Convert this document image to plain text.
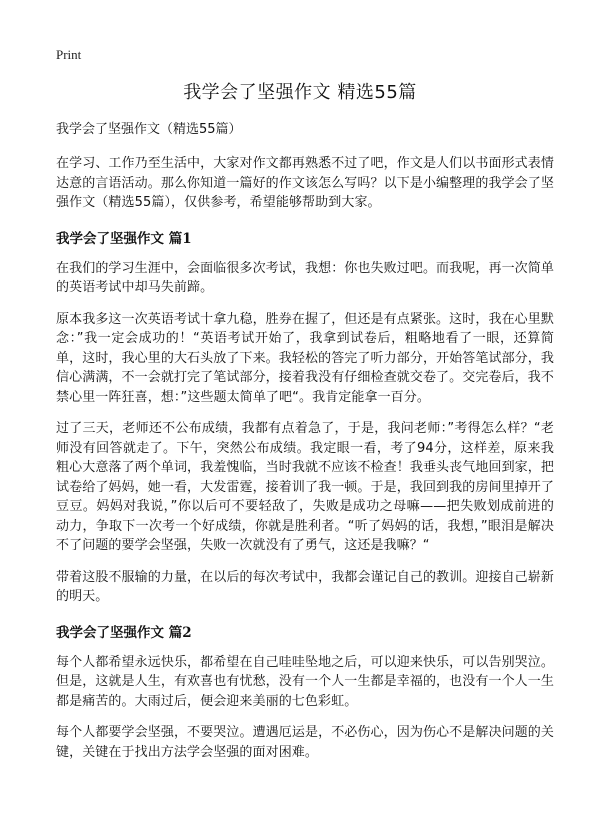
Print
我学会了坚强作文 精选55篇
我学会了坚强作文（精选55篇）

在学习、工作乃至生活中，大家对作文都再熟悉不过了吧，作文是人们以书面形式表情达意的言语活动。那么你知道一篇好的作文该怎么写吗？以下是小编整理的我学会了坚强作文（精选55篇），仅供参考，希望能够帮助到大家。

我学会了坚强作文 篇1

在我们的学习生涯中，会面临很多次考试，我想：你也失败过吧。而我呢，再一次简单的英语考试中却马失前蹄。

原本我多这一次英语考试十拿九稳，胜券在握了，但还是有点紧张。这时，我在心里默念：”我一定会成功的！“英语考试开始了，我拿到试卷后，粗略地看了一眼，还算简单，这时，我心里的大石头放了下来。我轻松的答完了听力部分，开始答笔试部分，我信心满满，不一会就打完了笔试部分，接着我没有仔细检查就交卷了。交完卷后，我不禁心里一阵狂喜，想：”这些题太简单了吧“。我肯定能拿一百分。

过了三天，老师还不公布成绩，我都有点着急了，于是，我问老师：”考得怎么样？“老师没有回答就走了。下午，突然公布成绩。我定眼一看，考了94分，这样差，原来我粗心大意落了两个单词，我羞愧临，当时我就不应该不检查！我垂头丧气地回到家，把试卷给了妈妈，她一看，大发雷霆，接着训了我一顿。于是，我回到我的房间里掉开了豆豆。妈妈对我说，”你以后可不要轻敌了，失败是成功之母嘛——把失败划成前进的动力，争取下一次考一个好成绩，你就是胜利者。“听了妈妈的话，我想，”眼泪是解决不了问题的要学会坚强，失败一次就没有了勇气，这还是我嘛？“

带着这股不服输的力量，在以后的每次考试中，我都会谨记自己的教训。迎接自己崭新的明天。

我学会了坚强作文 篇2

每个人都希望永远快乐，都希望在自己哇哇坠地之后，可以迎来快乐，可以告别哭泣。但是，这就是人生，有欢喜也有忧愁，没有一个人一生都是幸福的，也没有一个人一生都是痛苦的。大雨过后，便会迎来美丽的七色彩虹。

每个人都要学会坚强，不要哭泣。遭遇厄运是，不必伤心，因为伤心不是解决问题的关键，关键在于找出方法学会坚强的面对困难。
